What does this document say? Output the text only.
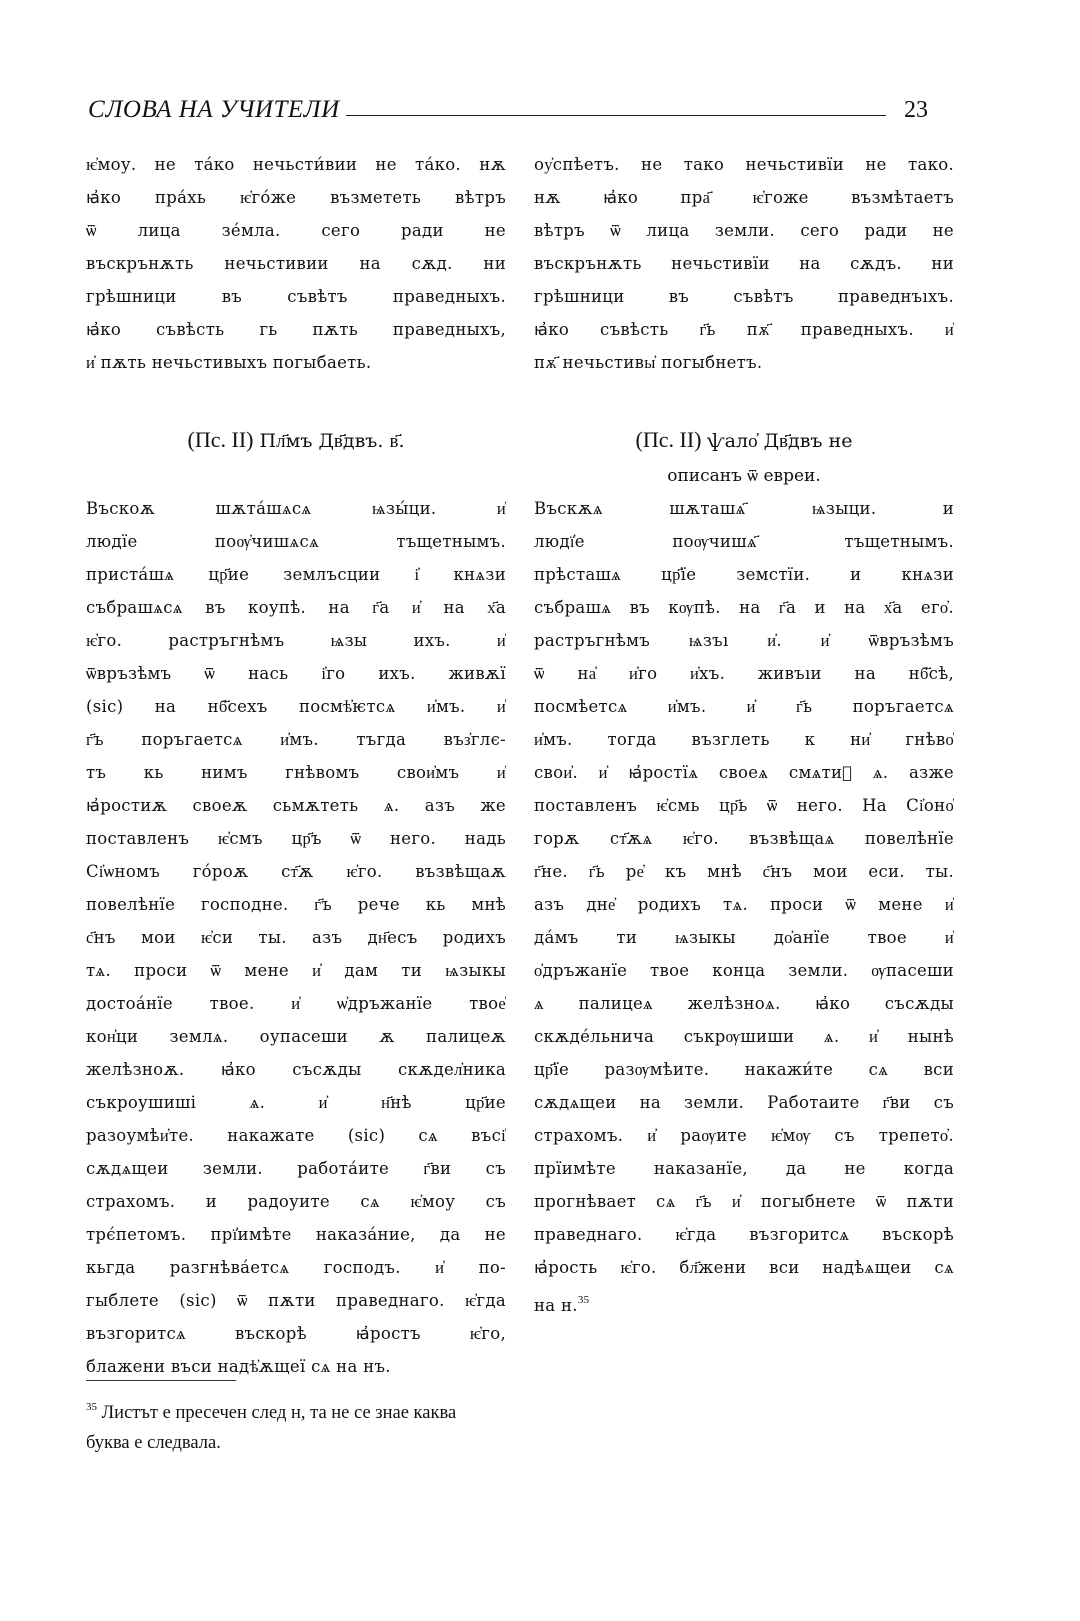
СЛОВА НА УЧИТЕЛИ	23
ѥ҆моу. не та́ко нечьсти́вии не та́ко. нѫ
ꙗ҆ко пра́хь ѥ҆го́же възмететь вѣтръ
ѿ лица зе́мла. сего ради не
въскрънѫть нечьстивии на сѫд. ни
грѣшници въ съвѣтъ праведныхъ.
ꙗ҆ко съвѣсть гь пѫть праведныхъ,
и҆ пѫть нечьстивыхъ погыбаеть.
(Пс. II) Пл҃мъ Дв҃двъ. в҃.
Въскоѫ шѫта́шѧсѧ ѩзы́ци. и҆
людїе поѹ҆чишѧсѧ тъщетнымъ.
приста́шѧ цр҃ие землъсции і҆ кнѧзи
събрашѧсѧ въ коупѣ. на г҃а и҆ на х҃а
ѥ҆го. растръгнѣмъ ѩзы ихъ. и҆
ѿвръзѣмъ ѿ нась і҆го ихъ. живѫї
(sic) на нб҃сехъ посмѣ҆ѥтсѧ и҆мъ. и҆
г҃ъ поръгаетсѧ и҆мъ. тъгда въз҆глє-
тъ кь нимъ гнѣвомъ свои҆мъ и҆
ꙗ҆ростиѫ своеѫ сьмѫтеть ѧ. азъ же
поставленъ ѥ҆смъ цр҃ъ ѿ него. надь
Сі҆ѡномъ го́роѫ ст҃ѫ ѥ҆го. възвѣщаѫ
повелѣнїе господне. г҃ъ рече кь мнѣ
с҃нъ мои ѥ҆си ты. азъ дн҃есъ родихъ
тѧ. проси ѿ мене и҆ дам ти ѩзыкы
достоа́нїе твое. и҆ ѡ҆дръжанїе твое҆
кон҆ци землѧ. оупасеши ѫ палицеѫ
желѣзноѫ. ꙗ҆ко съсѫды скѫдел҆ника
съкроушиші ѧ. и҆ н҃нѣ цр҃ие
разоумѣи҆те. накажате (sic) сѧ въсі҆
сѫдѧщеи земли. работа́ите г҃ви съ
страхомъ. и радоуите сѧ ѥ҆моу съ
трє́петомъ. прї҆имѣте наказа́ние, да не
кьгда разгнѣва́етсѧ господъ. и҆ по-
гыблете (sic) ѿ пѫти праведнаго. ѥ҆гда
възгоритсѧ въскорѣ ꙗ҆ростъ ѥ҆го,
блажени въси надѣ҆ѫщеї сѧ на нъ.
оу҆спѣетъ. не тако нечьстивїи не тако.
нѫ ꙗ҆ко пра҃ ѥ҆гоже възмѣтаетъ
вѣтръ ѿ лица земли. сего ради не
въскрънѫть нечьстивїи на сѫдъ. ни
грѣшници въ съвѣтъ праведнъıхъ.
ꙗ҆ко съвѣсть г҃ь пѫ҃ праведныхъ. и҆
пѫ҃ нечьстивы҆ погыбнетъ.
(Пс. II) ѱало҆ Дв҃двъ не
описанъ ѿ евреи.
Въскѫѧ шѫташѧ҃ ѩзыци. и
людї҆е поѹчишѧ҃ тъщетнымъ.
прѣсташѧ цр҃їе земстїи. и кнѧзи
събрашѧ въ кѹпѣ. на г҃а и на х҃а его҆.
растръгнѣмъ ѩзъı и҆. и҆ ѿвръзѣмъ
ѿ на҆ и҆го и҆хъ. живъıи на нб҃сѣ,
посмѣетсѧ и҆мъ. и҆ г҃ь поръгаетсѧ
и҆мъ. тогда възглеть к ни҆ гнѣво҆
свои҆. и҆ ꙗ҆ростїѧ своеѧ смѧтиⷮ ѧ. азже
поставленъ ѥ҆смь цр҃ь ѿ него. На Сі҆оно҆
горѫ ст҃ѫѧ ѥ҆го. възвѣщаѧ повелѣнїе
г҃не. г҃ь ре҆ къ мнѣ с҃нъ мои еси. ты.
азъ дне҆ родихъ тѧ. проси ѿ мене и҆
да́мъ ти ѩзыкы до҆анїе твое и҆
о҆дръжанїе твое конца земли. ѹпасеши
ѧ палицеѧ желѣзноѧ. ꙗ҆ко съсѫды
скѫде́льнича съкрѹшиши ѧ. и҆ нынѣ
цр҃їе разѹмѣите. накажи́те сѧ вси
сѫдѧщеи на земли. Работаите г҃ви съ
страхомъ. и҆ раѹите ѥ҆мѹ съ трепето҆.
прїимѣте наказанїе, да не когда
прогнѣвает сѧ г҃ь и҆ погыбнете ѿ пѫти
праведнаго. ѥ҆гда възгоритсѧ въскорѣ
ꙗ҆рость ѥ҆го. бл҃жени вси надѣѧщеи сѧ
на н.$^{35}$
$^{35}$ Листът е пресечен след н, та не се знае каква буква е следвала.
